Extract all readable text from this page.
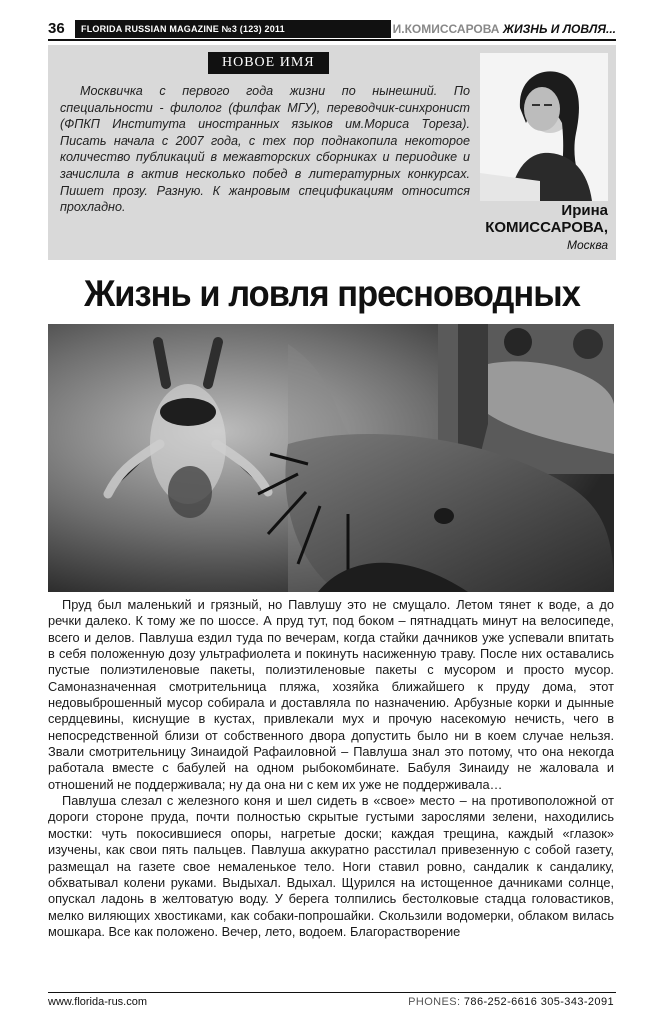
36	FLORIDA RUSSIAN MAGAZINE №3 (123) 2011	И.КОМИССАРОВА ЖИЗНЬ И ЛОВЛЯ...
НОВОЕ ИМЯ
Москвичка с первого года жизни по нынешний. По специальности - филолог (филфак МГУ), переводчик-синхронист (ФПКП Института иностранных языков им.Мориса Тореза). Писать начала с 2007 года, с тех пор поднакопила некоторое количество публикаций в межавторских сборниках и периодике и зачислила в актив несколько побед в литературных конкурсах. Пишет прозу. Разную. К жанровым спецификациям относится прохладно.	Ирина
КОМИССАРОВА,
Москва
Жизнь и ловля пресноводных

Пруд был маленький и грязный, но Павлушу это не смущало. Летом тянет к воде, а до речки далеко. К тому же по шоссе. А пруд тут, под боком – пятнадцать минут на велосипеде, всего и делов. Павлуша ездил туда по вечерам, когда стайки дачников уже успевали впитать в себя положенную дозу ультрафиолета и покинуть насиженную траву. После них оставались пустые полиэтиленовые пакеты, полиэтиленовые пакеты с мусором и просто мусор. Самоназначенная смотрительница пляжа, хозяйка ближайшего к пруду дома, этот недовыброшенный мусор собирала и доставляла по назначению. Арбузные корки и дынные сердцевины, киснущие в кустах, привлекали мух и прочую насекомую нечисть, чего в непосредственной близи от собственного двора допустить было ни в коем случае нельзя. Звали смотрительницу Зинаидой Рафаиловной – Павлуша знал это потому, что она некогда работала вместе с бабулей на одном рыбокомбинате. Бабуля Зинаиду не жаловала и отношений не поддерживала; ну да она ни с кем их уже не поддерживала…

Павлуша слезал с железного коня и шел сидеть в «свое» место – на противоположной от дороги стороне пруда, почти полностью скрытые густыми зарослями зелени, находились мостки: чуть покосившиеся опоры, нагретые доски; каждая трещина, каждый «глазок» изучены, как свои пять пальцев. Павлуша аккуратно расстилал привезенную с собой газету, размещал на газете свое немаленькое тело. Ноги ставил ровно, сандалик к сандалику, обхватывал колени руками. Выдыхал. Вдыхал. Щурился на истощенное дачниками солнце, опускал ладонь в желтоватую воду. У берега толпились бестолковые стадца головастиков, мелко виляющих хвостиками, как собаки-попрошайки. Скользили водомерки, облаком вилась мошкара. Все как положено. Вечер, лето, водоем. Благорастворение

www.florida-rus.com	PHONES: 786-252-6616 305-343-2091
